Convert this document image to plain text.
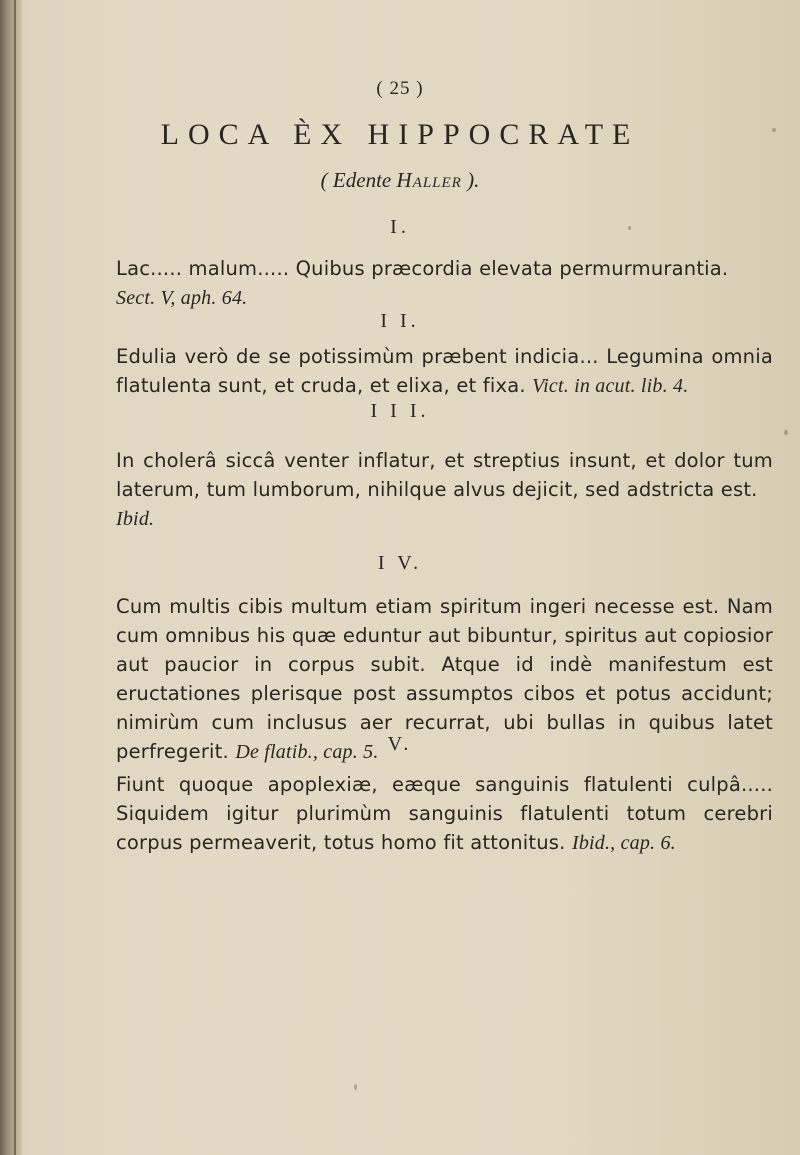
( 25 )
LOCA ÈX HIPPOCRATE
( Edente Haller ).
I.

Lac..... malum..... Quibus præcordia elevata permurmurantia.
Sect. V, aph. 64.

I I.

Edulia verò de se potissimùm præbent indicia... Legumina omnia flatulenta sunt, et cruda, et elixa, et fixa. Vict. in acut. lib. 4.

I I I.

In cholerâ siccâ venter inflatur, et streptius insunt, et dolor tum laterum, tum lumborum, nihilque alvus dejicit, sed adstricta est.
Ibid.

I V.

Cum multis cibis multum etiam spiritum ingeri necesse est. Nam cum omnibus his quæ eduntur aut bibuntur, spiritus aut copiosior aut paucior in corpus subit. Atque id indè manifestum est eructationes plerisque post assumptos cibos et potus accidunt; nimirùm cum inclusus aer recurrat, ubi bullas in quibus latet perfregerit. De flatib., cap. 5. V.

Fiunt quoque apoplexiæ, eæque sanguinis flatulenti culpâ..... Siquidem igitur plurimùm sanguinis flatulenti totum cerebri corpus permeaverit, totus homo fit attonitus. Ibid., cap. 6.
